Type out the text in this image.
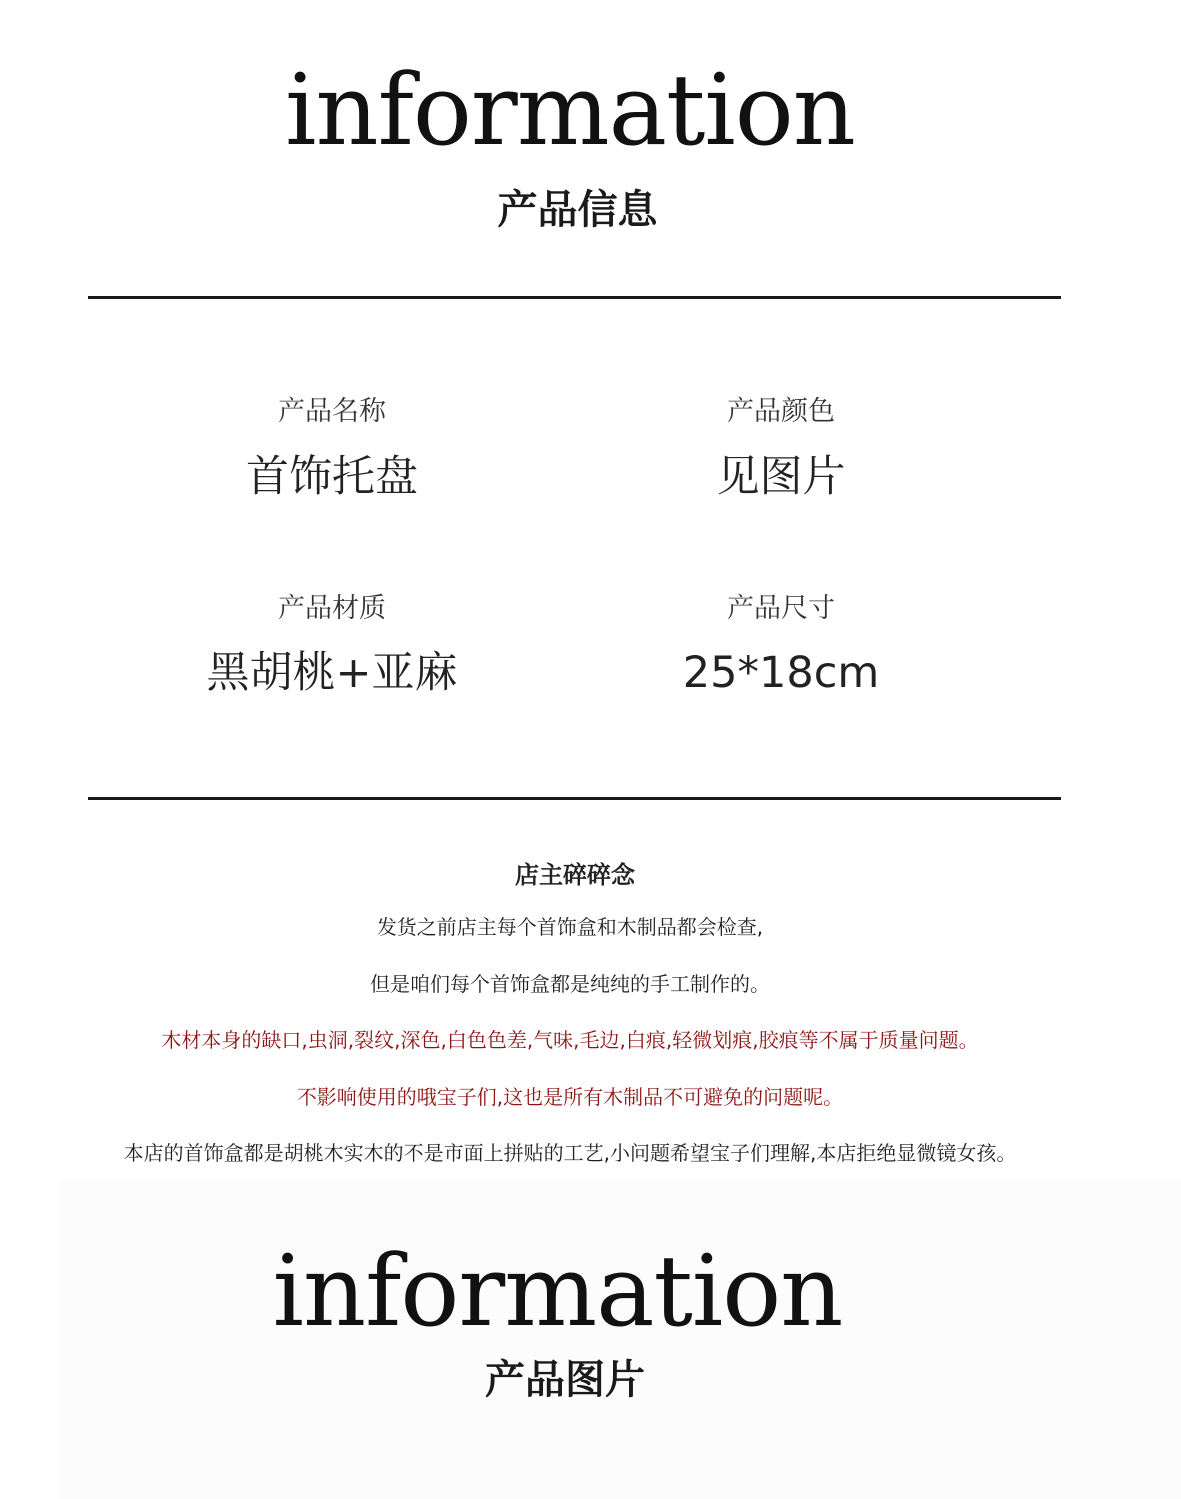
information
产品信息
产品名称
首饰托盘
产品颜色
见图片
产品材质
黑胡桃+亚麻
产品尺寸
25*18cm
店主碎碎念
发货之前店主每个首饰盒和木制品都会检查,
但是咱们每个首饰盒都是纯纯的手工制作的。
木材本身的缺口,虫洞,裂纹,深色,白色色差,气味,毛边,白痕,轻微划痕,胶痕等不属于质量问题。
不影响使用的哦宝子们,这也是所有木制品不可避免的问题呢。
本店的首饰盒都是胡桃木实木的不是市面上拼贴的工艺,小问题希望宝子们理解,本店拒绝显微镜女孩。
information
产品图片
